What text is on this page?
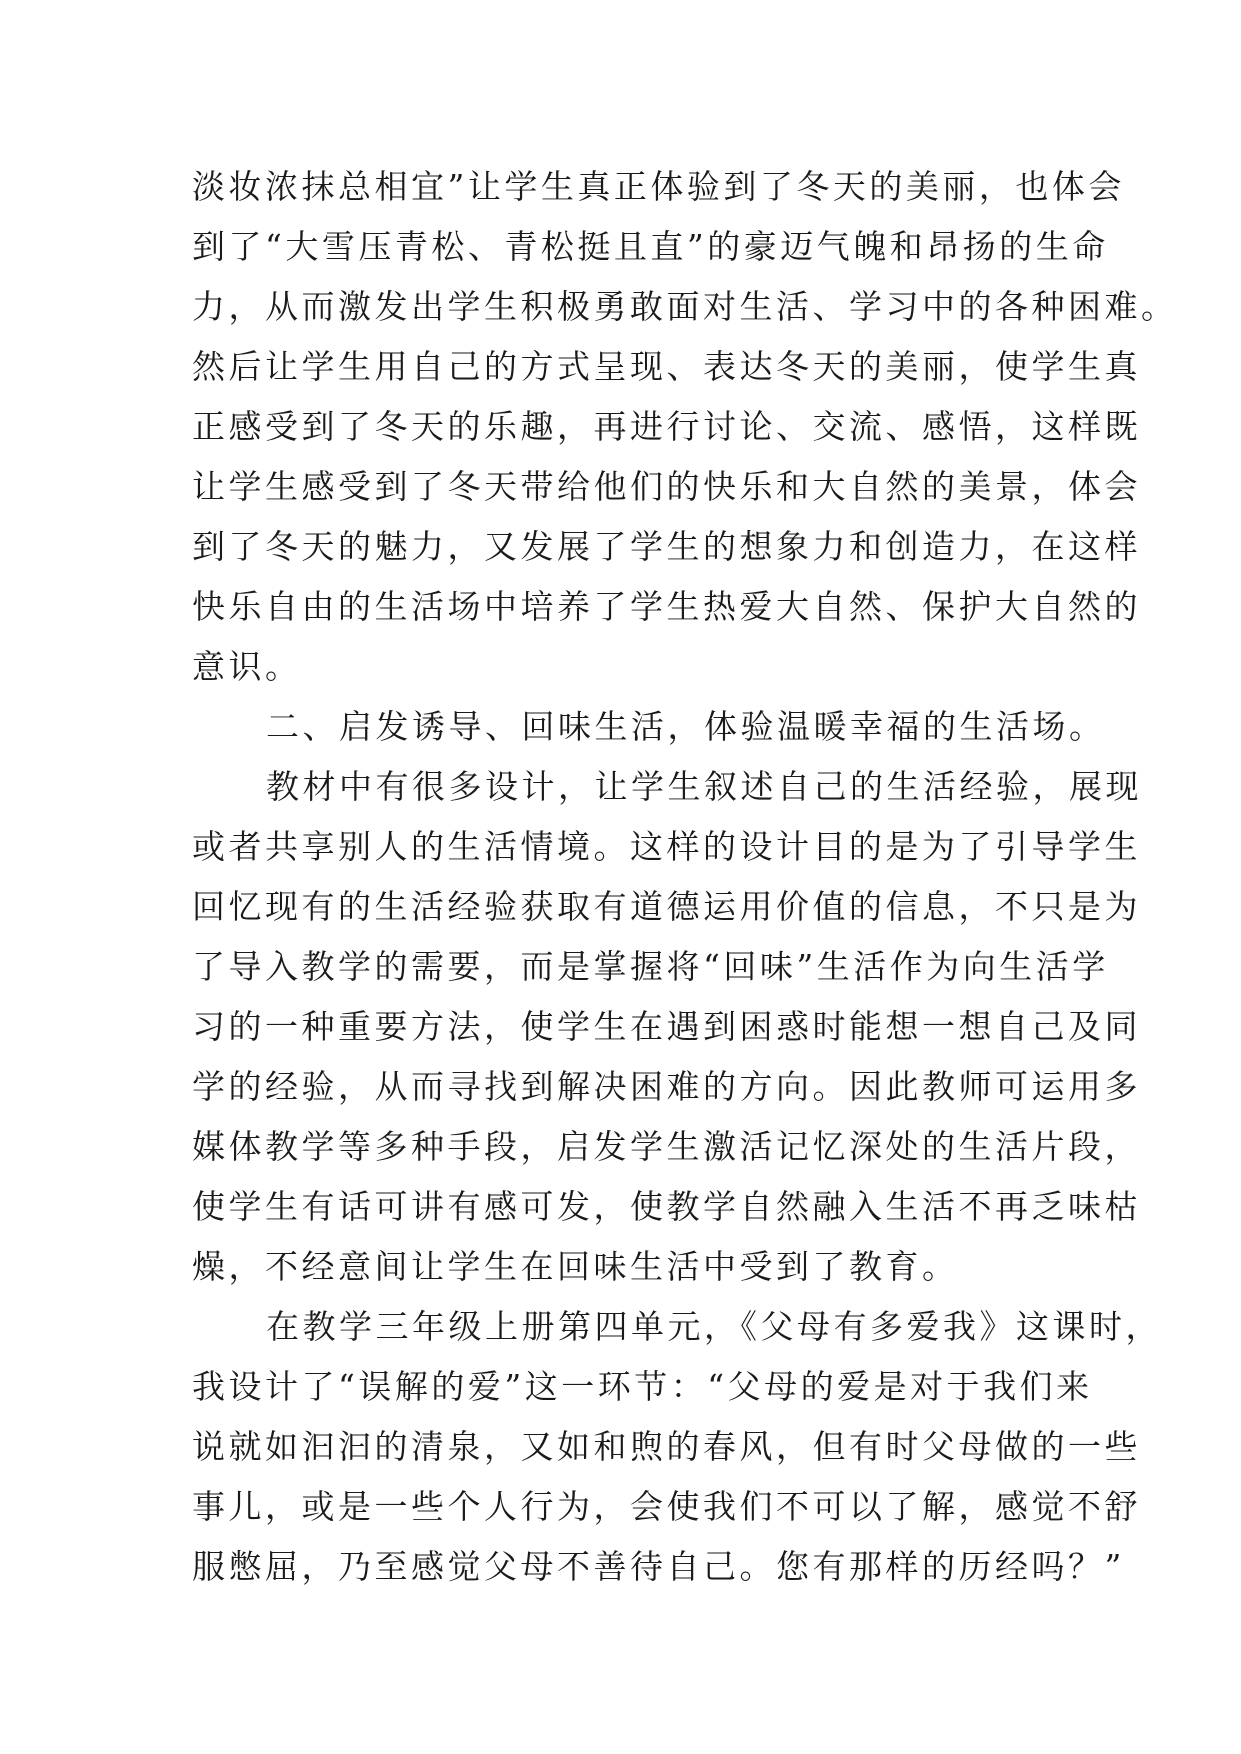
淡妆浓抹总相宜”让学生真正体验到了冬天的美丽，也体会
到了“大雪压青松、青松挺且直”的豪迈气魄和昂扬的生命
力，从而激发出学生积极勇敢面对生活、学习中的各种困难。
然后让学生用自己的方式呈现、表达冬天的美丽，使学生真
正感受到了冬天的乐趣，再进行讨论、交流、感悟，这样既
让学生感受到了冬天带给他们的快乐和大自然的美景，体会
到了冬天的魅力，又发展了学生的想象力和创造力，在这样
快乐自由的生活场中培养了学生热爱大自然、保护大自然的
意识。
二、启发诱导、回味生活，体验温暖幸福的生活场。
教材中有很多设计，让学生叙述自己的生活经验，展现
或者共享别人的生活情境。这样的设计目的是为了引导学生
回忆现有的生活经验获取有道德运用价值的信息，不只是为
了导入教学的需要，而是掌握将“回味”生活作为向生活学
习的一种重要方法，使学生在遇到困惑时能想一想自己及同
学的经验，从而寻找到解决困难的方向。因此教师可运用多
媒体教学等多种手段，启发学生激活记忆深处的生活片段，
使学生有话可讲有感可发，使教学自然融入生活不再乏味枯
燥，不经意间让学生在回味生活中受到了教育。
在教学三年级上册第四单元，《父母有多爱我》这课时，
我设计了“误解的爱”这一环节：“父母的爱是对于我们来
说就如汩汩的清泉，又如和煦的春风，但有时父母做的一些
事儿，或是一些个人行为，会使我们不可以了解，感觉不舒
服憋屈，乃至感觉父母不善待自己。您有那样的历经吗？”
